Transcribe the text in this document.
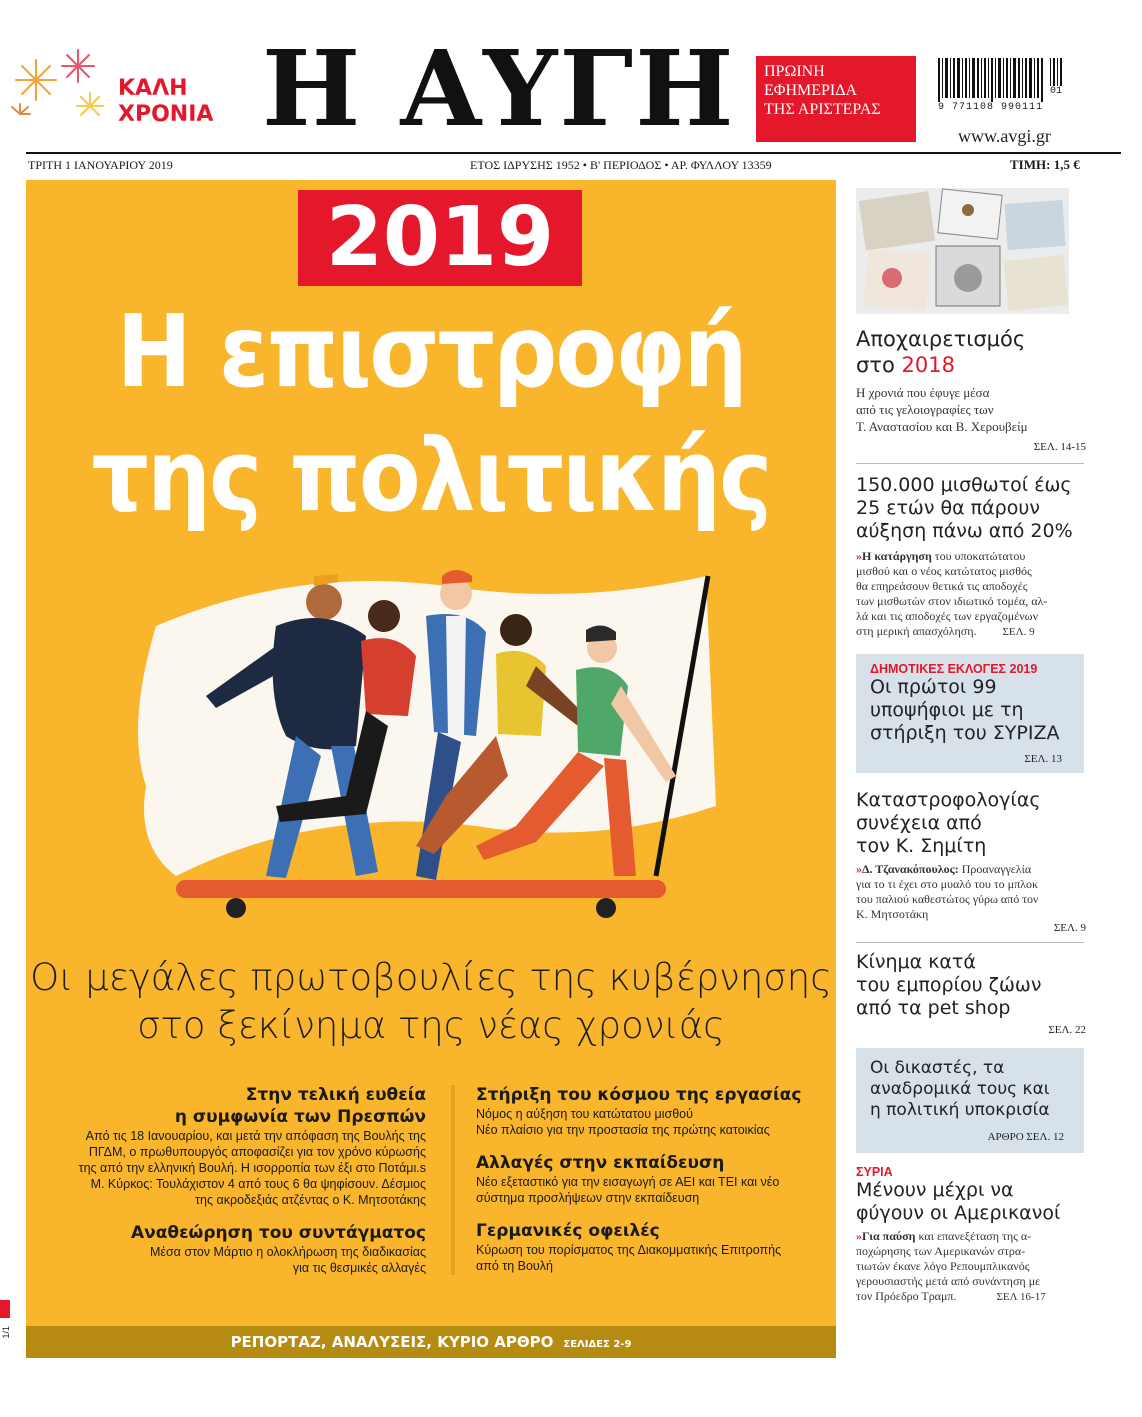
ΚΑΛΗ
ΧΡΟΝΙΑ Η ΑΥΓΗ ΠΡΩΙΝΗ
ΕΦΗΜΕΡΙΔΑ
ΤΗΣ ΑΡΙΣΤΕΡΑΣ	9 771108 990111
01
www.avgi.gr
ΤΡΙΤΗ 1 ΙΑΝΟΥΑΡΙΟΥ 2019	ΕΤΟΣ ΙΔΡΥΣΗΣ 1952 • Β' ΠΕΡΙΟΔΟΣ • ΑΡ. ΦΥΛΛΟΥ 13359	ΤΙΜΗ: 1,5 €
2019
Η επιστροφή
της πολιτικής
Οι μεγάλες πρωτοβουλίες της κυβέρνησης
στο ξεκίνημα της νέας χρονιάς
Στην τελική ευθεία
η συμφωνία των Πρεσπών
Από τις 18 Ιανουαρίου, και μετά την απόφαση της Βουλής της
ΠΓΔΜ, ο πρωθυπουργός αποφασίζει για τον χρόνο κύρωσής
της από την ελληνική Βουλή. Η ισορροπία των έξι στο Ποτάμι.s
Μ. Κύρκος: Τουλάχιστον 4 από τους 6 θα ψηφίσουν. Δέσμιος
της ακροδεξιάς ατζέντας ο Κ. Μητσοτάκης
Αναθεώρηση του συντάγματος
Μέσα στον Μάρτιο η ολοκλήρωση της διαδικασίας
για τις θεσμικές αλλαγές
Στήριξη του κόσμου της εργασίας
Νόμος η αύξηση του κατώτατου μισθού
Νέο πλαίσιο για την προστασία της πρώτης κατοικίας
Αλλαγές στην εκπαίδευση
Νέο εξεταστικό για την εισαγωγή σε ΑΕΙ και ΤΕΙ και νέο
σύστημα προσλήψεων στην εκπαίδευση
Γερμανικές οφειλές
Κύρωση του πορίσματος της Διακομματικής Επιτροπής
από τη Βουλή
ΡΕΠΟΡΤΑΖ, ΑΝΑΛΥΣΕΙΣ, ΚΥΡΙΟ ΑΡΘΡΟ ΣΕΛΙΔΕΣ 2-9
Αποχαιρετισμός
στο 2018
Η χρονιά που έφυγε μέσα
από τις γελοιογραφίες των
Τ. Αναστασίου και Β. Χερουβείμ
ΣΕΛ. 14-15
150.000 μισθωτοί έως
25 ετών θα πάρουν
αύξηση πάνω από 20%
»Η κατάργηση του υποκατώτατου
μισθού και ο νέος κατώτατος μισθός
θα επηρεάσουν θετικά τις αποδοχές
των μισθωτών στον ιδιωτικό τομέα, αλ-
λά και τις αποδοχές των εργαζομένων
στη μερική απασχόληση. ΣΕΛ. 9
ΔΗΜΟΤΙΚΕΣ ΕΚΛΟΓΕΣ 2019
Οι πρώτοι 99
υποψήφιοι με τη
στήριξη του ΣΥΡΙΖΑ
ΣΕΛ. 13
Καταστροφολογίας
συνέχεια από
τον Κ. Σημίτη
»Δ. Τζανακόπουλος: Προαναγγελία
για το τι έχει στο μυαλό του το μπλοκ
του παλιού καθεστώτος γύρω από τον
Κ. Μητσοτάκη
ΣΕΛ. 9
Κίνημα κατά
του εμπορίου ζώων
από τα pet shop
ΣΕΛ. 22
Οι δικαστές, τα
αναδρομικά τους και
η πολιτική υποκρισία
ΑΡΘΡΟ ΣΕΛ. 12
ΣΥΡΙΑ
Μένουν μέχρι να
φύγουν οι Αμερικανοί
»Για παύση και επανεξέταση της α-
ποχώρησης των Αμερικανών στρα-
τιωτών έκανε λόγο Ρεπουμπλικανός
γερουσιαστής μετά από συνάντηση με
τον Πρόεδρο Τραμπ.	ΣΕΛ 16-17
1/1
